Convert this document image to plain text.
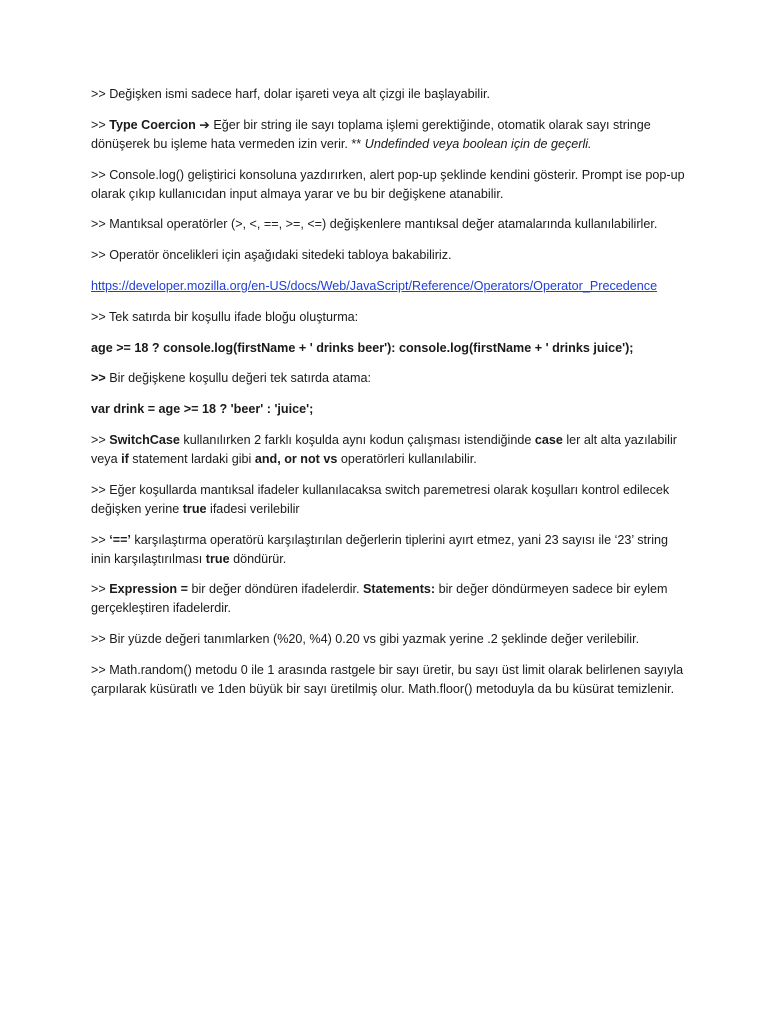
>> Değişken ismi sadece harf, dolar işareti veya alt çizgi ile başlayabilir.

>> Type Coercion ➔ Eğer bir string ile sayı toplama işlemi gerektiğinde, otomatik olarak sayı stringe dönüşerek bu işleme hata vermeden izin verir. ** Undefinded veya boolean için de geçerli.

>> Console.log() geliştirici konsoluna yazdırırken, alert pop-up şeklinde kendini gösterir. Prompt ise pop-up olarak çıkıp kullanıcıdan input almaya yarar ve bu bir değişkene atanabilir.

>> Mantıksal operatörler (>, <, ==, >=, <=) değişkenlere mantıksal değer atamalarında kullanılabilirler.

>> Operatör öncelikleri için aşağıdaki sitedeki tabloya bakabiliriz.

https://developer.mozilla.org/en-US/docs/Web/JavaScript/Reference/Operators/Operator_Precedence

>> Tek satırda bir koşullu ifade bloğu oluşturma:

age >= 18 ? console.log(firstName + ' drinks beer'): console.log(firstName + ' drinks juice');

>> Bir değişkene koşullu değeri tek satırda atama:

var drink = age >= 18 ? 'beer' : 'juice';

>> SwitchCase kullanılırken 2 farklı koşulda aynı kodun çalışması istendiğinde case ler alt alta yazılabilir veya if statement lardaki gibi and, or not vs operatörleri kullanılabilir.

>> Eğer koşullarda mantıksal ifadeler kullanılacaksa switch paremetresi olarak koşulları kontrol edilecek değişken yerine true ifadesi verilebilir

>> ‘==’ karşılaştırma operatörü karşılaştırılan değerlerin tiplerini ayırt etmez, yani 23 sayısı ile ‘23’ string inin karşılaştırılması true döndürür.

>> Expression = bir değer döndüren ifadelerdir. Statements: bir değer döndürmeyen sadece bir eylem gerçekleştiren ifadelerdir.

>> Bir yüzde değeri tanımlarken (%20, %4) 0.20 vs gibi yazmak yerine .2 şeklinde değer verilebilir.

>> Math.random() metodu 0 ile 1 arasında rastgele bir sayı üretir, bu sayı üst limit olarak belirlenen sayıyla çarpılarak küsüratlı ve 1den büyük bir sayı üretilmiş olur. Math.floor() metoduyla da bu küsürat temizlenir.
